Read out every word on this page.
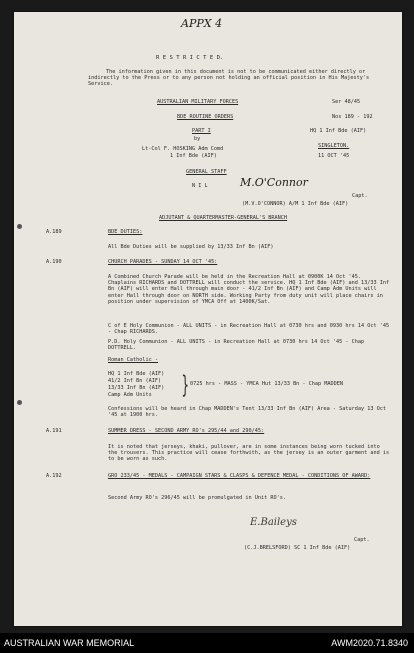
APPX 4
R E S T R I C T E D.
The information given in this document is not to be communicated either directly or indirectly to the Press or to any person not holding an official position in His Majesty's Service.
AUSTRALIAN MILITARY FORCES	Ser 48/45
BDE ROUTINE ORDERS	Nos 189 - 192
PART I	HQ 1 Inf Bde (AIF)
by
SINGLETON.
Lt-Col F. HOSKING Adm Comd
1 Inf Bde (AIF)	11 OCT '45
GENERAL STAFF
N I L	M.O'Connor
Capt.
(M.V.O'CONNOR) A/M 1 Inf Bde (AIF)
ADJUTANT & QUARTERMASTER-GENERAL'S BRANCH
A.189	BDE DUTIES:
All Bde Duties will be supplied by 13/33 Inf Bn (AIF)
A.190	CHURCH PARADES - SUNDAY 14 OCT '45:
A Combined Church Parade will be held in the Recreation Hall at 0900K 14 Oct '45. Chaplains RICHARDS and DOTTRELL will conduct the service. HQ 1 Inf Bde (AIF) and 13/33 Inf Bn (AIF) will enter Hall through main door - 41/2 Inf Bn (AIF) and Camp Adm Units will enter Hall through door on NORTH side. Working Party from duty unit will place chairs in position under supervision of YMCA Off at 1400K/Sat.
C of E Holy Communion - ALL UNITS - in Recreation Hall at 0730 hrs and 0930 hrs 14 Oct '45 - Chap RICHARDS.
P.D. Holy Communion - ALL UNITS - in Recreation Hall at 0730 hrs 14 Oct '45 - Chap DOTTRELL.
Roman Catholic -
HQ 1 Inf Bde (AIF)
41/2 Inf Bn (AIF)
13/33 Inf Bn (AIF)
Camp Adm Units } 0725 hrs - MASS - YMCA Hut 13/33 Bn - Chap MADDEN
Confessions will be heard in Chap MADDEN's Tent 13/33 Inf Bn (AIF) Area - Saturday 13 Oct '45 at 1900 hrs.
A.191	SUMMER DRESS - SECOND ARMY RO's 295/44 and 290/45:
It is noted that jerseys, khaki, pullover, are in some instances being worn tucked into the trousers. This practice will cease forthwith, as the jersey is an outer garment and is to be worn as such.
A.192	GRO 233/45 - MEDALS - CAMPAIGN STARS & CLASPS & DEFENCE MEDAL - CONDITIONS OF AWARD:
Second Army RO's 296/45 will be promulgated in Unit RO's.
E.Baileys
Capt.
(C.J.BRELSFORD) SC 1 Inf Bde (AIF)
AUSTRALIAN WAR MEMORIAL	AWM2020.71.8340
